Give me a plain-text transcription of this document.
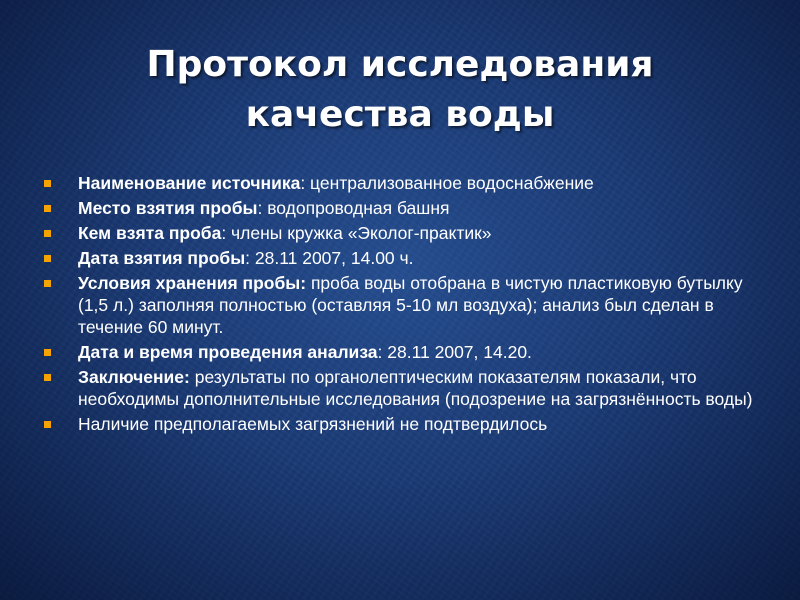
Протокол исследования
качества воды
Наименование источника: централизованное водоснабжение
Место взятия пробы: водопроводная башня
Кем взята проба: члены кружка «Эколог-практик»
Дата взятия пробы: 28.11 2007, 14.00 ч.
Условия хранения пробы: проба воды отобрана в чистую пластиковую бутылку (1,5 л.) заполняя полностью (оставляя 5-10 мл воздуха); анализ был сделан в течение 60 минут.
Дата и время проведения анализа: 28.11 2007, 14.20.
Заключение: результаты по органолептическим показателям показали, что необходимы дополнительные исследования (подозрение на загрязнённость воды)
Наличие предполагаемых загрязнений не подтвердилось
